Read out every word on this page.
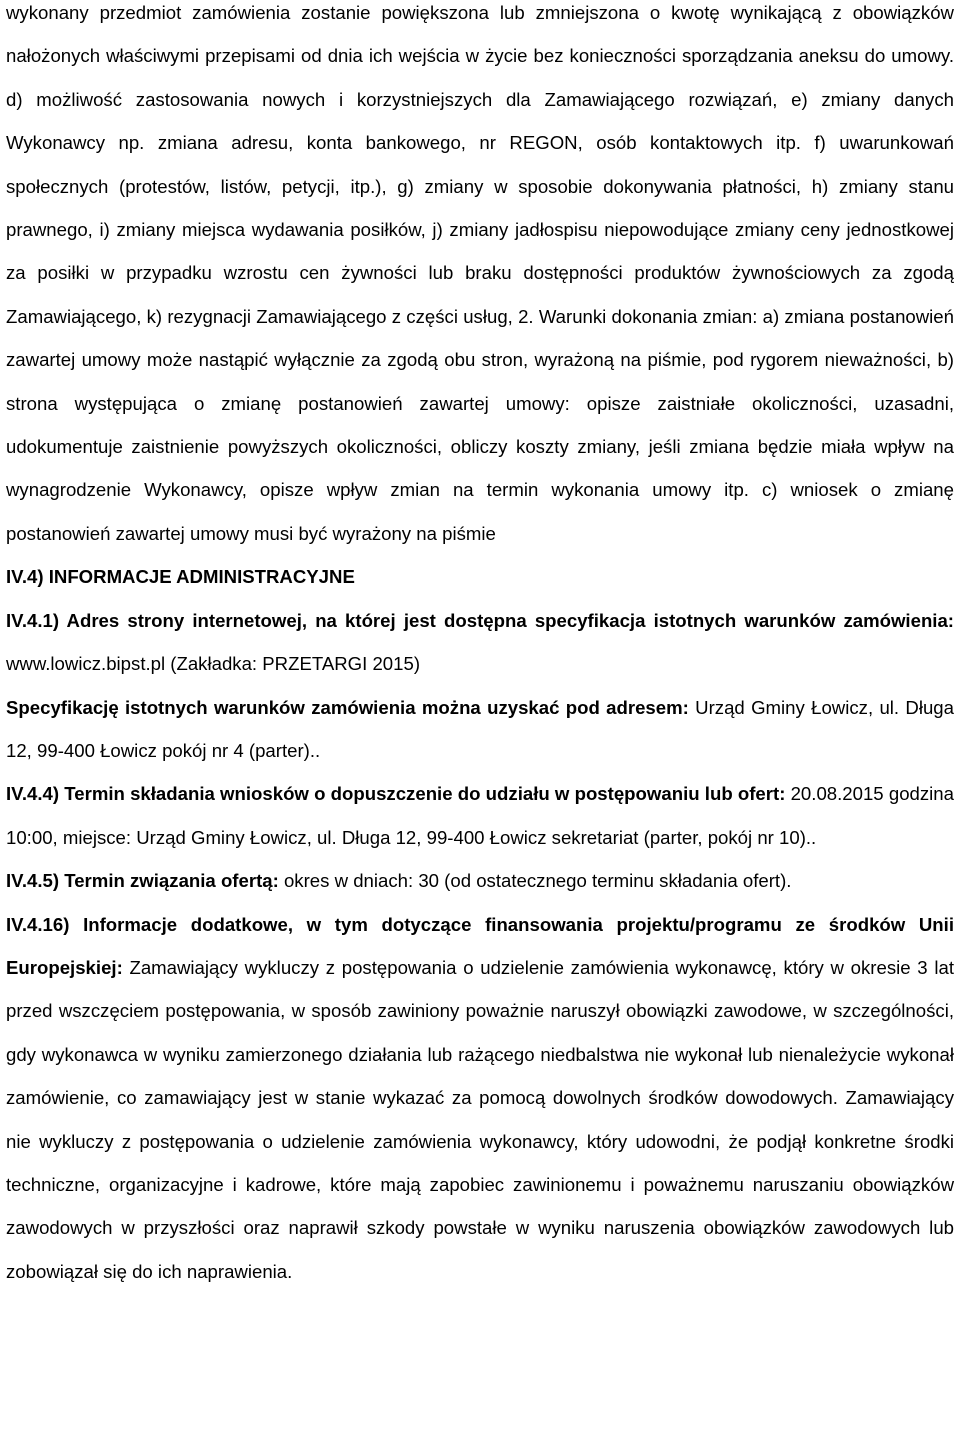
wykonany przedmiot zamówienia zostanie powiększona lub zmniejszona o kwotę wynikającą z obowiązków nałożonych właściwymi przepisami od dnia ich wejścia w życie bez konieczności sporządzania aneksu do umowy. d) możliwość zastosowania nowych i korzystniejszych dla Zamawiającego rozwiązań, e) zmiany danych Wykonawcy np. zmiana adresu, konta bankowego, nr REGON, osób kontaktowych itp. f) uwarunkowań społecznych (protestów, listów, petycji, itp.), g) zmiany w sposobie dokonywania płatności, h) zmiany stanu prawnego, i) zmiany miejsca wydawania posiłków, j) zmiany jadłospisu niepowodujące zmiany ceny jednostkowej za posiłki w przypadku wzrostu cen żywności lub braku dostępności produktów żywnościowych za zgodą Zamawiającego, k) rezygnacji Zamawiającego z części usług, 2. Warunki dokonania zmian: a) zmiana postanowień zawartej umowy może nastąpić wyłącznie za zgodą obu stron, wyrażoną na piśmie, pod rygorem nieważności, b) strona występująca o zmianę postanowień zawartej umowy: opisze zaistniałe okoliczności, uzasadni, udokumentuje zaistnienie powyższych okoliczności, obliczy koszty zmiany, jeśli zmiana będzie miała wpływ na wynagrodzenie Wykonawcy, opisze wpływ zmian na termin wykonania umowy itp. c) wniosek o zmianę postanowień zawartej umowy musi być wyrażony na piśmie

IV.4) INFORMACJE ADMINISTRACYJNE

IV.4.1) Adres strony internetowej, na której jest dostępna specyfikacja istotnych warunków zamówienia: www.lowicz.bipst.pl (Zakładka: PRZETARGI 2015)

Specyfikację istotnych warunków zamówienia można uzyskać pod adresem: Urząd Gminy Łowicz, ul. Długa 12, 99-400 Łowicz pokój nr 4 (parter)..

IV.4.4) Termin składania wniosków o dopuszczenie do udziału w postępowaniu lub ofert: 20.08.2015 godzina 10:00, miejsce: Urząd Gminy Łowicz, ul. Długa 12, 99-400 Łowicz sekretariat (parter, pokój nr 10)..

IV.4.5) Termin związania ofertą: okres w dniach: 30 (od ostatecznego terminu składania ofert).

IV.4.16) Informacje dodatkowe, w tym dotyczące finansowania projektu/programu ze środków Unii Europejskiej: Zamawiający wykluczy z postępowania o udzielenie zamówienia wykonawcę, który w okresie 3 lat przed wszczęciem postępowania, w sposób zawiniony poważnie naruszył obowiązki zawodowe, w szczególności, gdy wykonawca w wyniku zamierzonego działania lub rażącego niedbalstwa nie wykonał lub nienależycie wykonał zamówienie, co zamawiający jest w stanie wykazać za pomocą dowolnych środków dowodowych. Zamawiający nie wykluczy z postępowania o udzielenie zamówienia wykonawcy, który udowodni, że podjął konkretne środki techniczne, organizacyjne i kadrowe, które mają zapobiec zawinionemu i poważnemu naruszaniu obowiązków zawodowych w przyszłości oraz naprawił szkody powstałe w wyniku naruszenia obowiązków zawodowych lub zobowiązał się do ich naprawienia.
